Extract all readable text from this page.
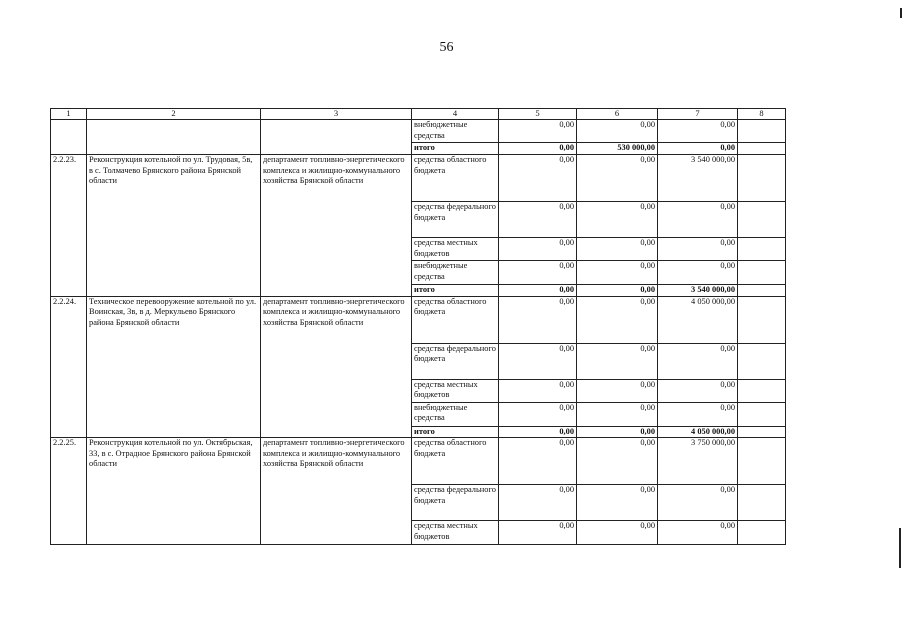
56
1	2	3	4	5	6	7	8
			внебюджетные средства	0,00	0,00	0,00	
			итого	0,00	530 000,00	0,00	
2.2.23.	Реконструкция котельной по ул. Трудовая, 5в, в с. Толмачево Брянского района Брянской области	департамент топливно-энергетического комплекса и жилищно-коммунального хозяйства Брянской области	средства областного бюджета	0,00	0,00	3 540 000,00	
			средства федерального бюджета	0,00	0,00	0,00	
			средства местных бюджетов	0,00	0,00	0,00	
			внебюджетные средства	0,00	0,00	0,00	
			итого	0,00	0,00	3 540 000,00	
2.2.24.	Техническое перевооружение котельной по ул. Воинская, 3в, в д. Меркульево Брянского района Брянской области	департамент топливно-энергетического комплекса и жилищно-коммунального хозяйства Брянской области	средства областного бюджета	0,00	0,00	4 050 000,00	
			средства федерального бюджета	0,00	0,00	0,00	
			средства местных бюджетов	0,00	0,00	0,00	
			внебюджетные средства	0,00	0,00	0,00	
			итого	0,00	0,00	4 050 000,00	
2.2.25.	Реконструкция котельной по ул. Октябрьская, 33, в с. Отрадное Брянского района Брянской области	департамент топливно-энергетического комплекса и жилищно-коммунального хозяйства Брянской области	средства областного бюджета	0,00	0,00	3 750 000,00	
			средства федерального бюджета	0,00	0,00	0,00	
			средства местных бюджетов	0,00	0,00	0,00	
